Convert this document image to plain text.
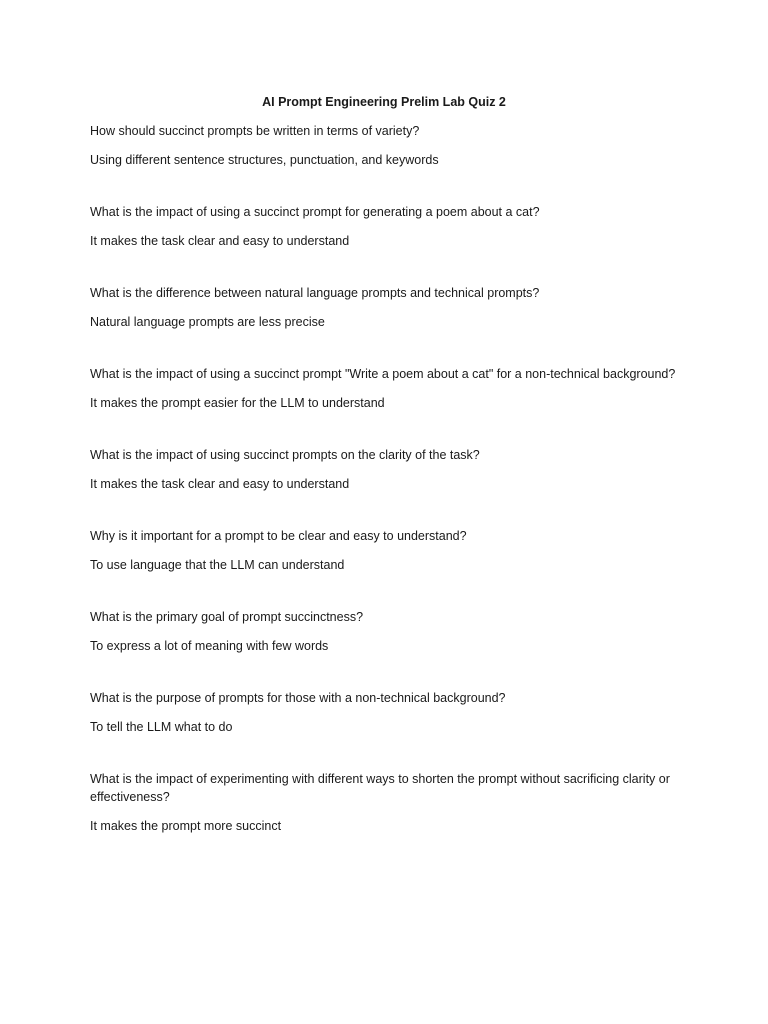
AI Prompt Engineering Prelim Lab Quiz 2

How should succinct prompts be written in terms of variety?

Using different sentence structures, punctuation, and keywords

What is the impact of using a succinct prompt for generating a poem about a cat?

It makes the task clear and easy to understand

What is the difference between natural language prompts and technical prompts?

Natural language prompts are less precise

What is the impact of using a succinct prompt "Write a poem about a cat" for a non-technical background?

It makes the prompt easier for the LLM to understand

What is the impact of using succinct prompts on the clarity of the task?

It makes the task clear and easy to understand

Why is it important for a prompt to be clear and easy to understand?

To use language that the LLM can understand

What is the primary goal of prompt succinctness?

To express a lot of meaning with few words

What is the purpose of prompts for those with a non-technical background?

To tell the LLM what to do

What is the impact of experimenting with different ways to shorten the prompt without sacrificing clarity or effectiveness?

It makes the prompt more succinct
